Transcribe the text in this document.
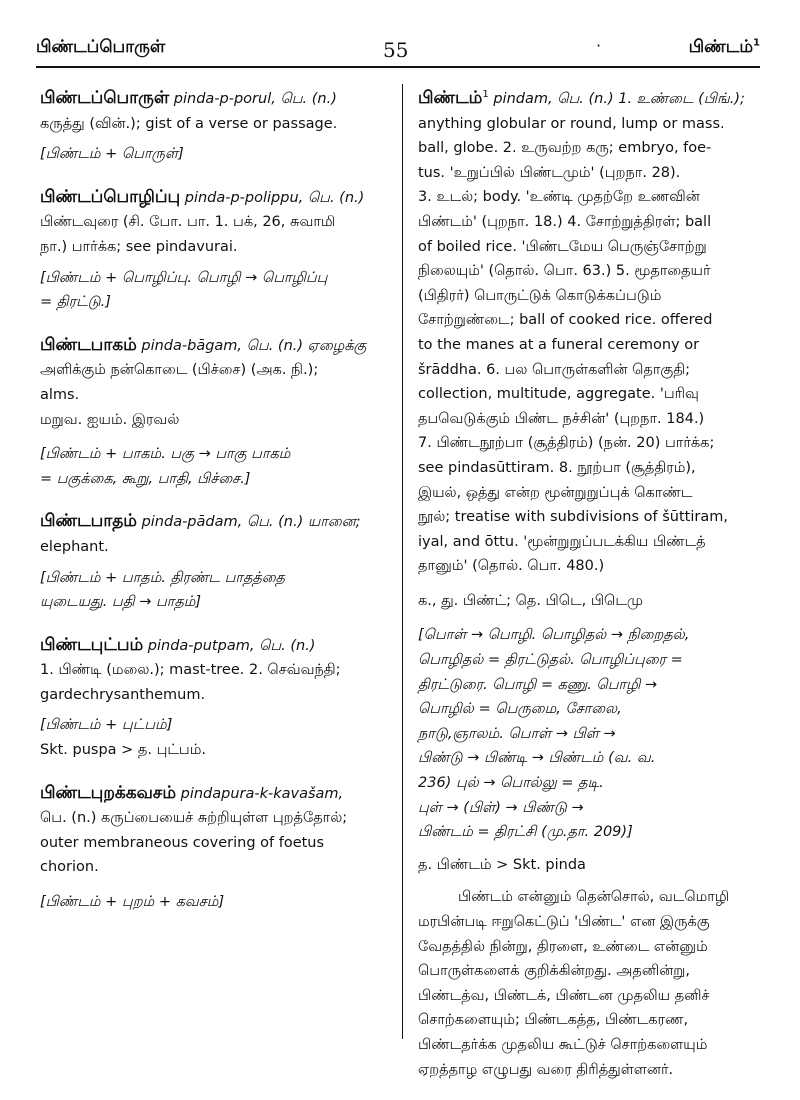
பிண்டப்பொருள்	55	·	பிண்டம்$^1$

பிண்டப்பொருள் pinda-p-porul, பெ. (n.)

கருத்து (வின்.); gist of a verse or passage.

[பிண்டம் + பொருள்]

பிண்டப்பொழிப்பு pinda-p-polippu, பெ. (n.)

பிண்டவுரை (சி. போ. பா. 1. பக், 26, சுவாமி

நா.) பார்க்க; see pindavurai.

[பிண்டம் + பொழிப்பு. பொழி → பொழிப்பு

= திரட்டு.]

பிண்டபாகம் pinda-bāgam, பெ. (n.) ஏழைக்கு

அளிக்கும் நன்கொடை (பிச்சை) (அக. நி.);

alms.

மறுவ. ஐயம். இரவல்

[பிண்டம் + பாகம். பகு → பாகு பாகம்

= பகுக்கை, கூறு, பாதி, பிச்சை.]

பிண்டபாதம் pinda-pādam, பெ. (n.) யானை;

elephant.

[பிண்டம் + பாதம். திரண்ட பாதத்தை

யுடையது. பதி → பாதம்]

பிண்டபுட்பம் pinda-putpam, பெ. (n.)

1. பிண்டி (மலை.); mast-tree. 2. செவ்வந்தி;

gardechrysanthemum.

[பிண்டம் + புட்பம்]

Skt. puspa > த. புட்பம்.

பிண்டபுறக்கவசம் pindapura-k-kavašam,

பெ. (n.) கருப்பையைச் சுற்றியுள்ள புறத்தோல்;

outer membraneous covering of foetus

chorion.

[பிண்டம் + புறம் + கவசம்]

பிண்டம்$^1$ pindam, பெ. (n.) 1. உண்டை (பிங்.);

anything globular or round, lump or mass.

ball, globe. 2. உருவற்ற கரு; embryo, foe-

tus. 'உறுப்பில் பிண்டமும்' (புறநா. 28).

3. உடல்; body. 'உண்டி முதற்றே உணவின்

பிண்டம்' (புறநா. 18.) 4. சோற்றுத்திரள்; ball

of boiled rice. 'பிண்டமேய பெருஞ்சோற்று

நிலையும்' (தொல். பொ. 63.) 5. மூதாதையர்

(பிதிரர்) பொருட்டுக் கொடுக்கப்படும்

சோற்றுண்டை; ball of cooked rice. offered

to the manes at a funeral ceremony or

šrāddha. 6. பல பொருள்களின் தொகுதி;

collection, multitude, aggregate. 'பரிவு

தபவெடுக்கும் பிண்ட நச்சின்' (புறநா. 184.)

7. பிண்டநூற்பா (சூத்திரம்) (நன். 20) பார்க்க;

see pindasūttiram. 8. நூற்பா (சூத்திரம்),

இயல், ஒத்து என்ற மூன்றுறுப்புக் கொண்ட

நூல்; treatise with subdivisions of šūttiram,

iyal, and ōttu. 'மூன்றுறுப்படக்கிய பிண்டத்

தானும்' (தொல். பொ. 480.)

க., து. பிண்ட்; தெ. பிடெ, பிடெமு

[பொள் → பொழி. பொழிதல் → நிறைதல்,

பொழிதல் = திரட்டுதல். பொழிப்புரை =

திரட்டுரை. பொழி = கணு. பொழி →

பொழில் = பெருமை, சோலை,

நாடு,ஞாலம். பொள் → பிள் →

பிண்டு → பிண்டி → பிண்டம் (வ. வ.

236) புல் → பொல்லு = தடி.

புள் → (பிள்) → பிண்டு →

பிண்டம் = திரட்சி (மு.தா. 209)]

த. பிண்டம் > Skt. pinda

பிண்டம் என்னும் தென்சொல், வடமொழி

மரபின்படி ஈறுகெட்டுப் 'பிண்ட' என இருக்கு

வேதத்தில் நின்று, திரளை, உண்டை என்னும்

பொருள்களைக் குறிக்கின்றது. அதனின்று,

பிண்டத்வ, பிண்டக், பிண்டன முதலிய தனிச்

சொற்களையும்; பிண்டகத்த, பிண்டகரண,

பிண்டதர்க்க முதலிய கூட்டுச் சொற்களையும்

ஏறத்தாழ எழுபது வரை திரித்துள்ளனர்.
